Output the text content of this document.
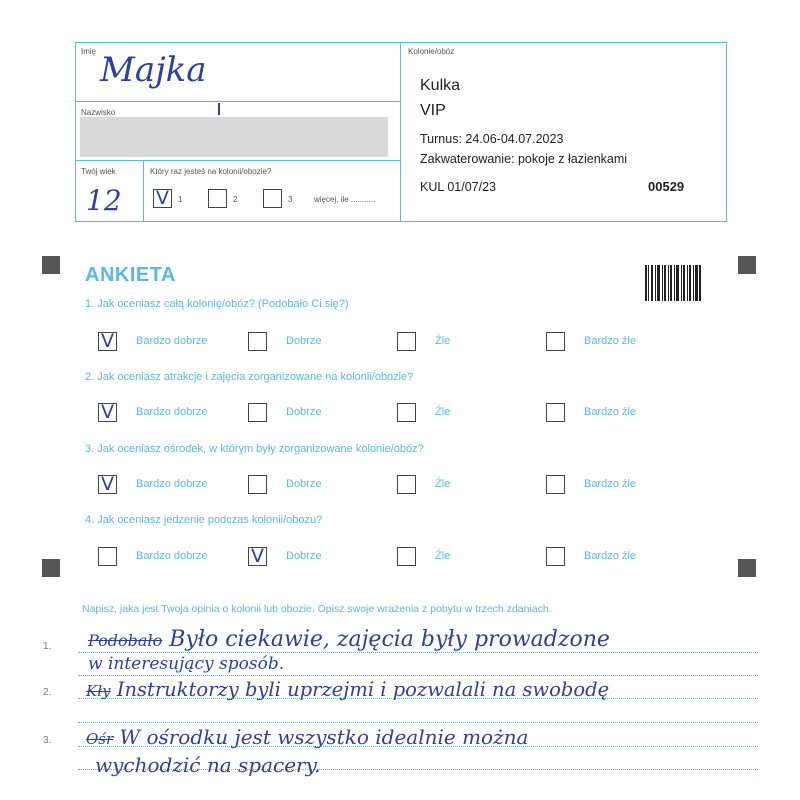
Imię Majka
Nazwisko
Twój wiek
12
Który raz jesteś na kolonii/obozie?
V 1	2	3	więcej, ile ...........
Kolonie/obóz
Kulka
VIP
Turnus: 24.06-04.07.2023
Zakwaterowanie: pokoje z łazienkami
KUL 01/07/23	00529
ANKIETA
1. Jak oceniasz całą kolonię/obóz? (Podobało Ci się?)
V Bardzo dobrze	Dobrze	Źle	Bardzo źle
2. Jak oceniasz atrakcje i zajęcia zorganizowane na kolonii/obozie?
V Bardzo dobrze	Dobrze	Źle	Bardzo źle
3. Jak oceniasz ośrodek, w którym były zorganizowane kolonie/obóz?
V Bardzo dobrze	Dobrze	Źle	Bardzo źle
4. Jak oceniasz jedzenie podczas kolonii/obozu?
Bardzo dobrze V Dobrze	Źle	Bardzo źle
Napisz, jaka jest Twoja opinia o kolonii lub obozie. Opisz swoje wrażenia z pobytu w trzech zdaniach.
1.
2.
3.
Podobało Było ciekawie, zajęcia były prowadzone
w interesujący sposób.
Kły Instruktorzy byli uprzejmi i pozwalali na swobodę
Ośr W ośrodku jest wszystko idealnie można
wychodzić na spacery.
